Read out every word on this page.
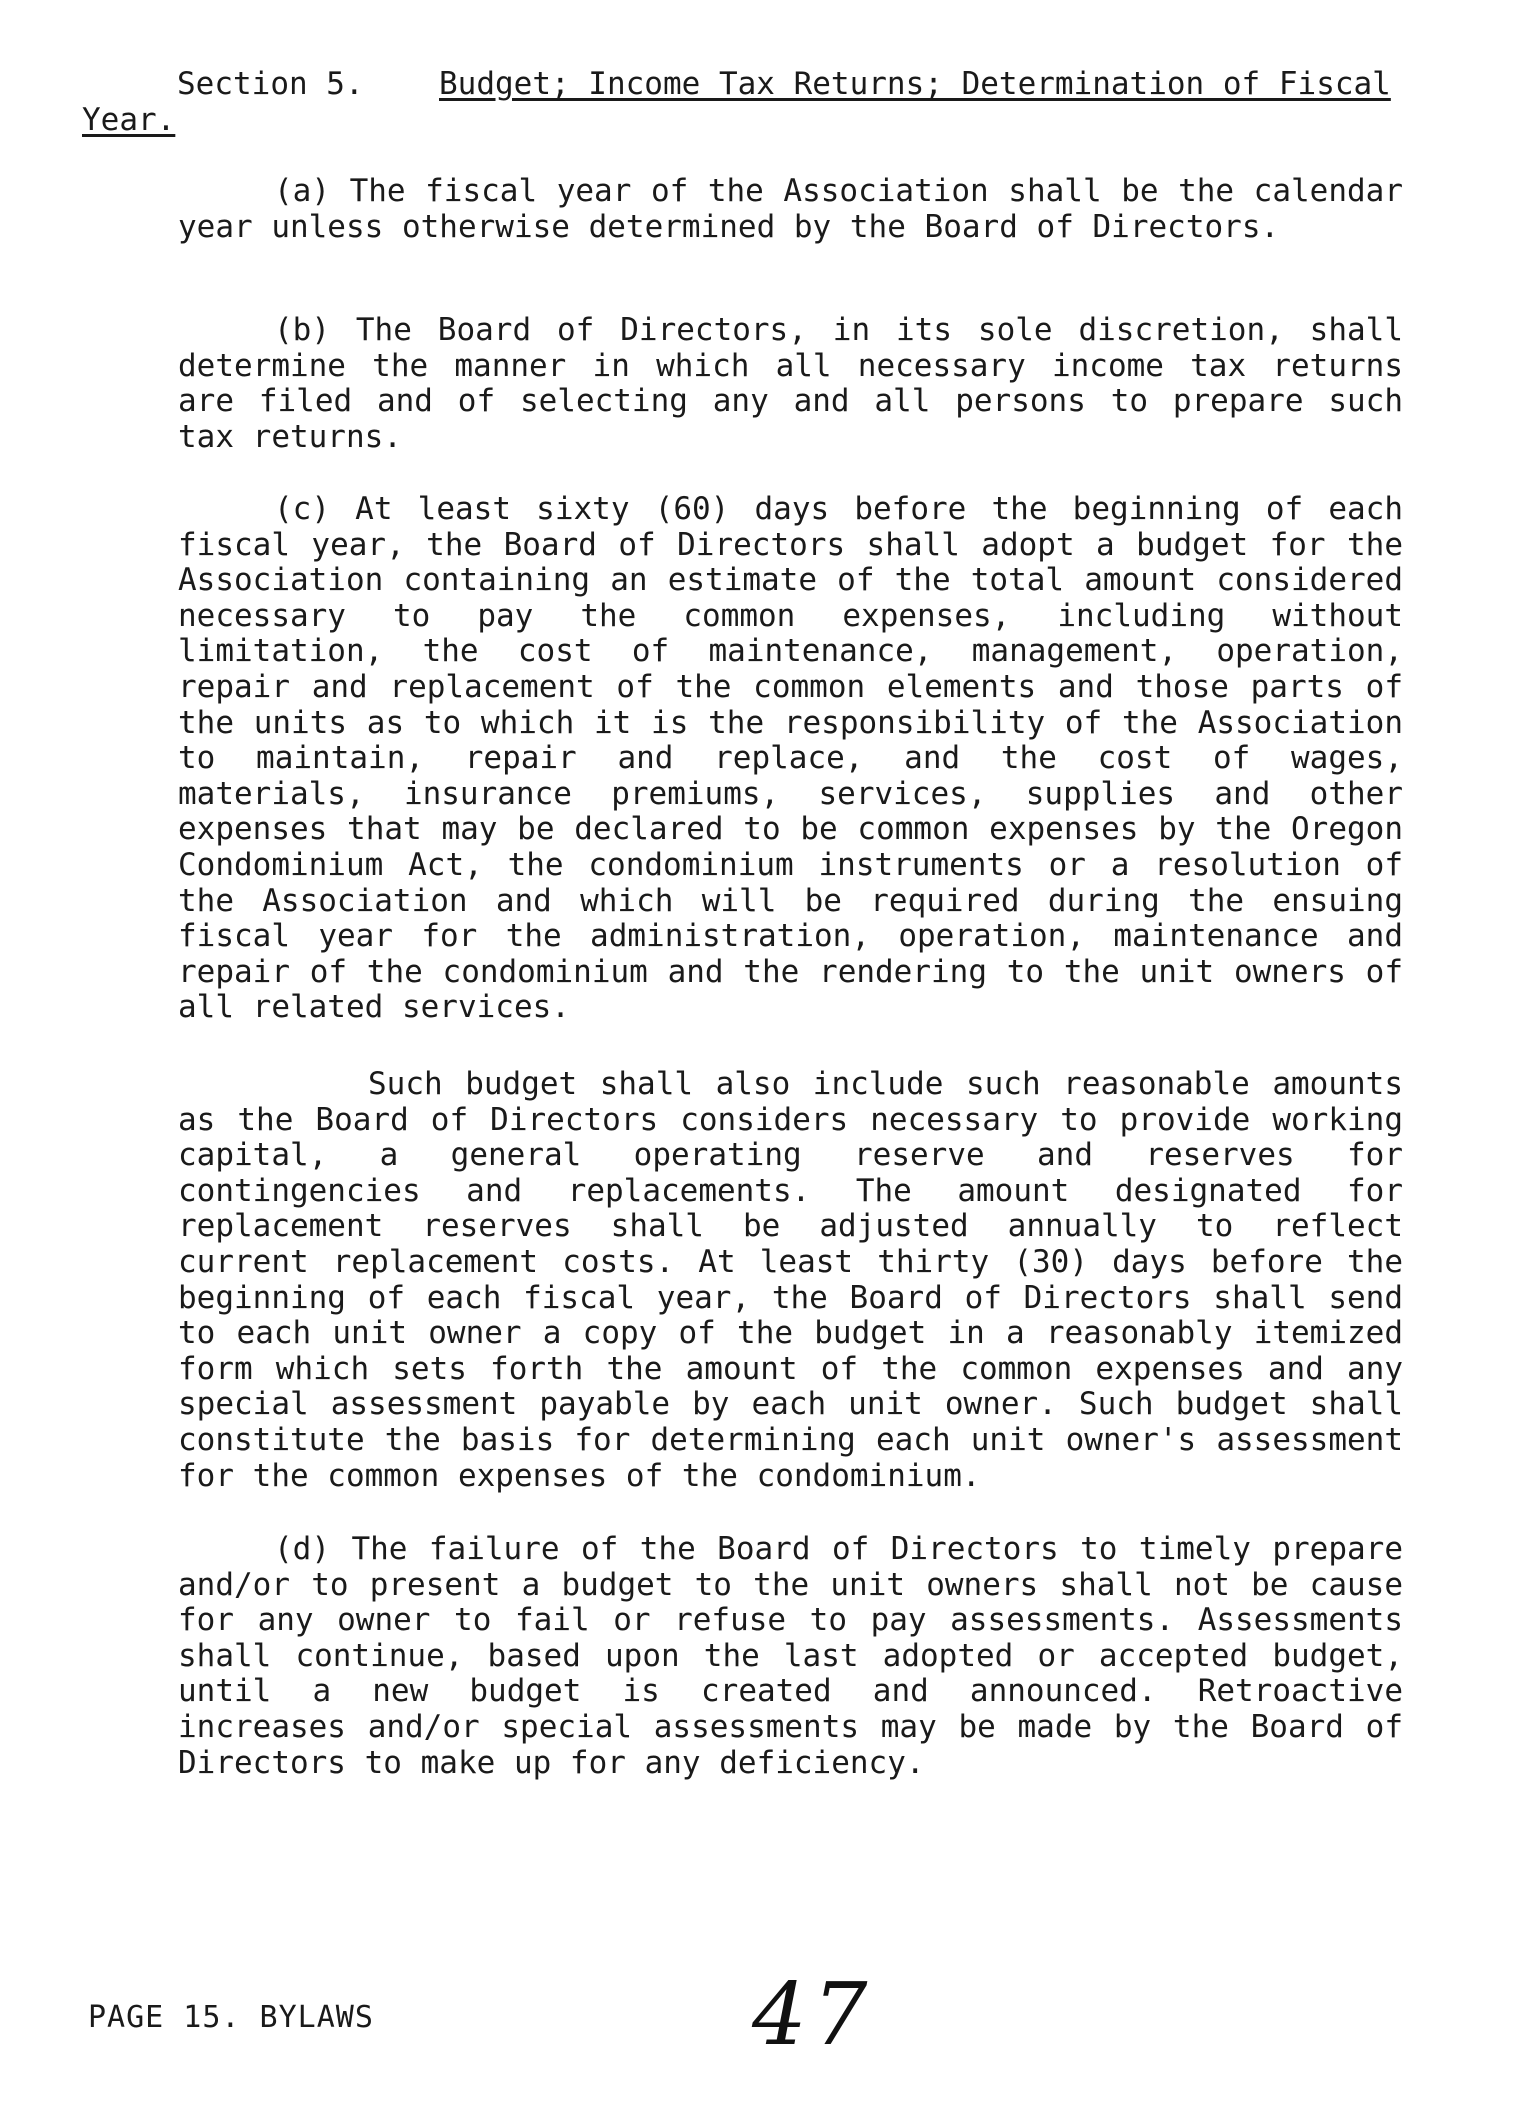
Section 5. Budget; Income Tax Returns; Determination of Fiscal
Year.
(a) The fiscal year of the Association shall be the calendar year unless otherwise determined by the Board of Directors.
(b) The Board of Directors, in its sole discretion, shall determine the manner in which all necessary income tax returns are filed and of selecting any and all persons to prepare such tax returns.
(c) At least sixty (60) days before the beginning of each fiscal year, the Board of Directors shall adopt a budget for the Association containing an estimate of the total amount considered necessary to pay the common expenses, including without limitation, the cost of maintenance, management, operation, repair and replacement of the common elements and those parts of the units as to which it is the responsibility of the Association to maintain, repair and replace, and the cost of wages, materials, insurance premiums, services, supplies and other expenses that may be declared to be common expenses by the Oregon Condominium Act, the condominium instruments or a resolution of the Association and which will be required during the ensuing fiscal year for the administration, operation, maintenance and repair of the condominium and the rendering to the unit owners of all related services.
Such budget shall also include such reasonable amounts as the Board of Directors considers necessary to provide working capital, a general operating reserve and reserves for contingencies and replacements. The amount designated for replacement reserves shall be adjusted annually to reflect current replacement costs. At least thirty (30) days before the beginning of each fiscal year, the Board of Directors shall send to each unit owner a copy of the budget in a reasonably itemized form which sets forth the amount of the common expenses and any special assessment payable by each unit owner. Such budget shall constitute the basis for determining each unit owner's assessment for the common expenses of the condominium.
(d) The failure of the Board of Directors to timely prepare and/or to present a budget to the unit owners shall not be cause for any owner to fail or refuse to pay assessments. Assessments shall continue, based upon the last adopted or accepted budget, until a new budget is created and announced. Retroactive increases and/or special assessments may be made by the Board of Directors to make up for any deficiency.
PAGE 15. BYLAWS	47
